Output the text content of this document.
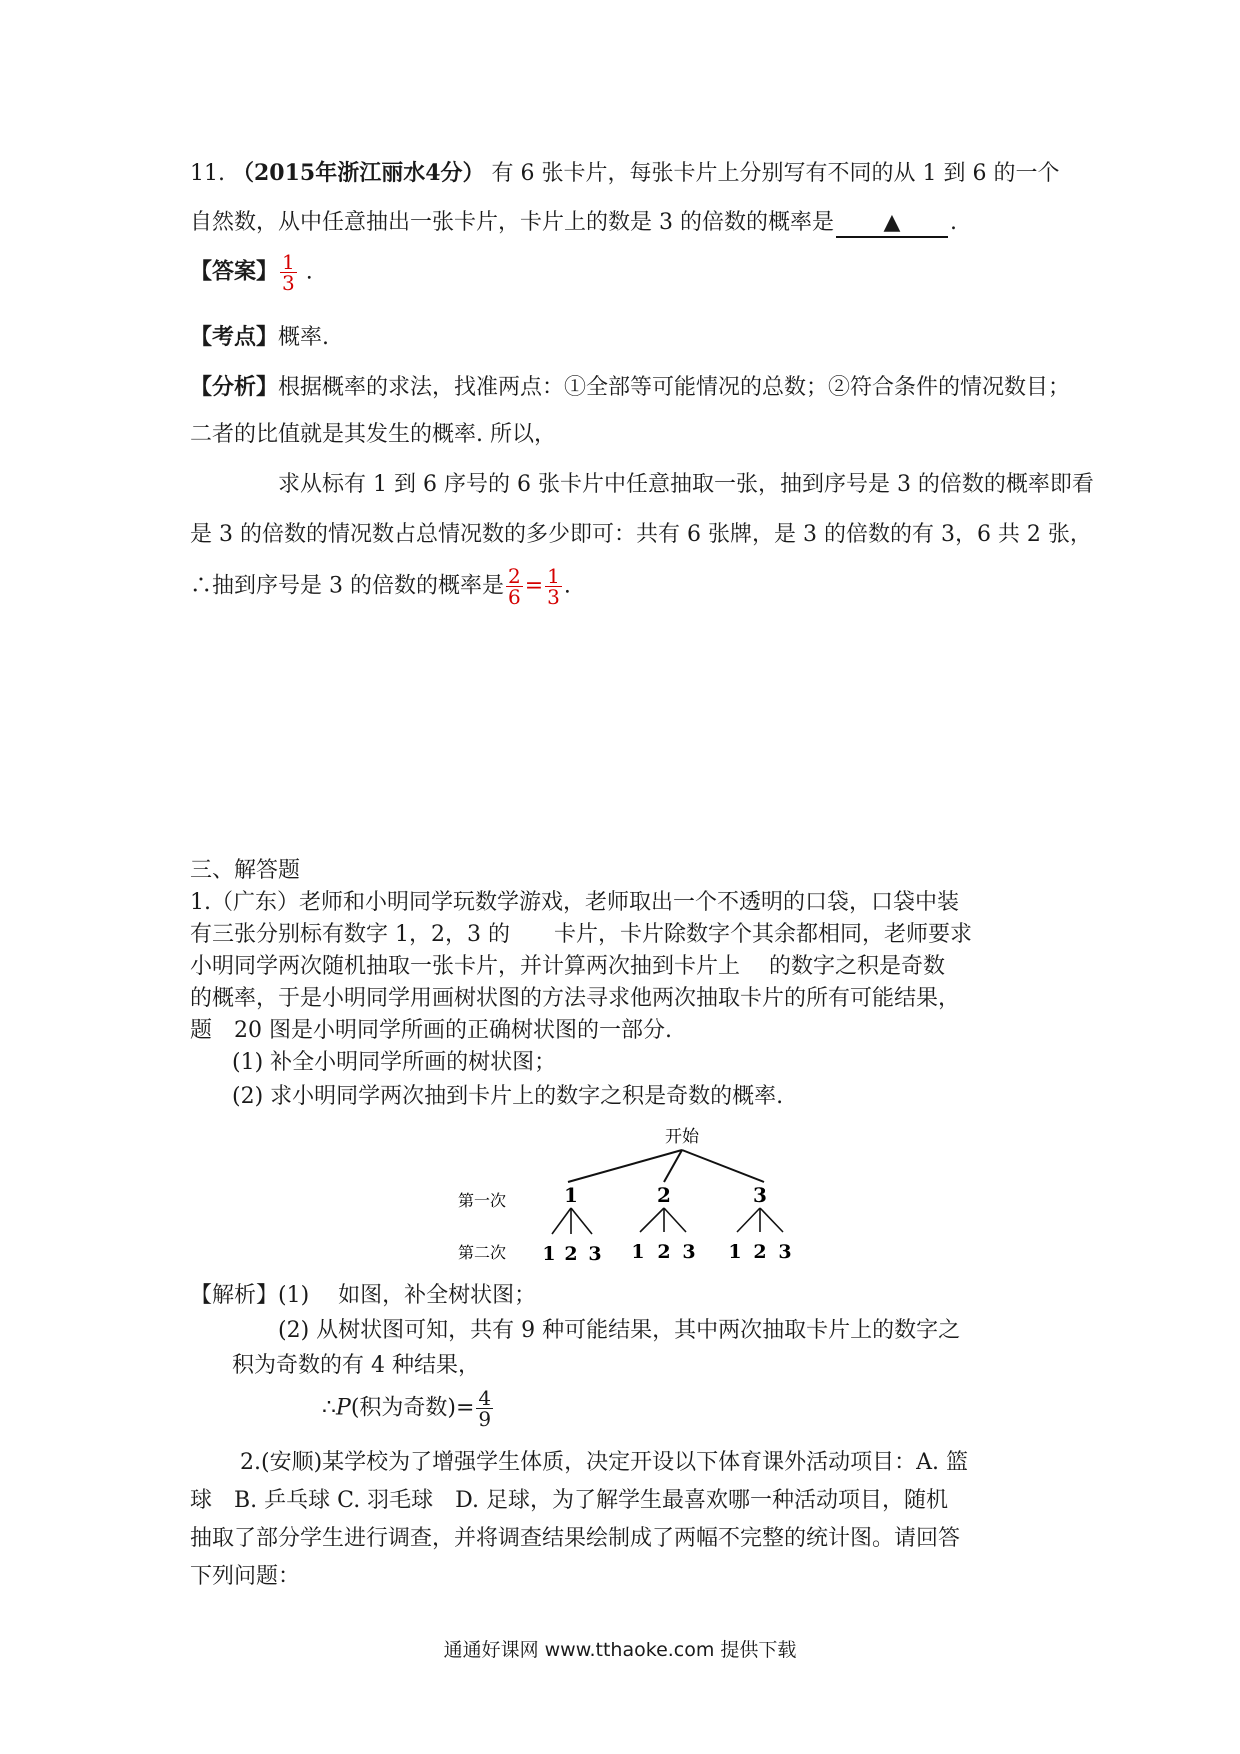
11. （2015年浙江丽水4分） 有 6 张卡片，每张卡片上分别写有不同的从 1 到 6 的一个
自然数，从中任意抽出一张卡片，卡片上的数是 3 的倍数的概率是 ▲ .
【答案】 $\frac{1}{3}$ .
【考点】概率.
【分析】根据概率的求法，找准两点：①全部等可能情况的总数；②符合条件的情况数目；
二者的比值就是其发生的概率. 所以，
求从标有 1 到 6 序号的 6 张卡片中任意抽取一张，抽到序号是 3 的倍数的概率即看
是 3 的倍数的情况数占总情况数的多少即可：共有 6 张牌，是 3 的倍数的有 3，6 共 2 张，
∴抽到序号是 3 的倍数的概率是 $\frac{2}{6} = \frac{1}{3}$ .
三、解答题
1.（广东）老师和小明同学玩数学游戏，老师取出一个不透明的口袋，口袋中装
有三张分别标有数字 1，2，3 的　　卡片，卡片除数字个其余都相同，老师要求
小明同学两次随机抽取一张卡片，并计算两次抽到卡片上　 的数字之积是奇数
的概率，于是小明同学用画树状图的方法寻求他两次抽取卡片的所有可能结果，
题　20 图是小明同学所画的正确树状图的一部分.
(1) 补全小明同学所画的树状图；
(2) 求小明同学两次抽到卡片上的数字之积是奇数的概率.
开始
第一次
第二次
1	2	3
1 2 3 1 2 3 1 2 3
【解析】(1)　 如图，补全树状图；
(2) 从树状图可知，共有 9 种可能结果，其中两次抽取卡片上的数字之
积为奇数的有 4 种结果，
∴P(积为奇数)= $\frac{4}{9}$
2.(安顺)某学校为了增强学生体质，决定开设以下体育课外活动项目：A. 篮
球　B. 乒乓球 C. 羽毛球　D. 足球，为了解学生最喜欢哪一种活动项目，随机
抽取了部分学生进行调查，并将调查结果绘制成了两幅不完整的统计图。请回答
下列问题：
通通好课网 www.tthaoke.com 提供下载
